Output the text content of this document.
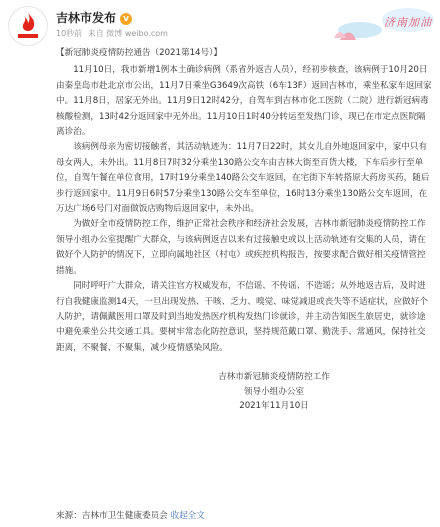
吉林市发布 v
10秒前 来自 微博 weibo.com
济南加油

【新冠肺炎疫情防控通告（2021第14号）】

11月10日，我市新增1例本土确诊病例（系省外返吉人员），经初步核查，该病例于10月20日由秦皇岛市赴北京市公出，11月7日乘坐G3649次高铁（6车13F）返回吉林市，乘坐私家车返回家中。11月8日，居家无外出。11月9日12时42分，自驾车到吉林市化工医院（二院）进行新冠病毒核酸检测，13时42分返回家中无外出。11月10日1时40分转运至发热门诊，现已在市定点医院隔离诊治。

该病例母亲为密切接触者，其活动轨迹为：11月7日22时，其女儿自外地返回家中，家中只有母女两人，未外出。11月8日7时32分乘坐130路公交车由吉林大街至百货大楼，下车后步行至单位，自驾午餐在单位食用，17时19分乘坐140路公交车返回，在宅街下车转搭原大药房买药，随后步行返回家中。11月9日6时57分乘坐130路公交车至单位，16时13分乘坐130路公交车返回，在万达广场6号门对面做饭店购物后返回家中，未外出。

为做好全市疫情防控工作，维护正常社会秩序和经济社会发展，吉林市新冠肺炎疫情防控工作领导小组办公室提醒广大群众，与该病例返吉以来有过接触史或以上活动轨迹有交集的人员，请在做好个人防护的情况下，立即向属地社区（村屯）或疾控机构报告，按要求配合做好相关疫情管控措施。

同时呼吁广大群众，请关注官方权威发布，不信谣、不传谣、不造谣；从外地返吉后，及时进行自我健康监测14天，一旦出现发热、干咳、乏力、嗅觉、味觉减退或丧失等不适症状，应做好个人防护，请佩戴医用口罩及时到当地发热医疗机构发热门诊就诊，并主动告知医生旅居史，就诊途中避免乘坐公共交通工具。要树牢常态化防控意识，坚持规范戴口罩、勤洗手、常通风，保持社交距离，不聚餐、不聚集，减少疫情感染风险。

吉林市新冠肺炎疫情防控工作

领导小组办公室

2021年11月10日

来源：吉林市卫生健康委员会 收起全文
